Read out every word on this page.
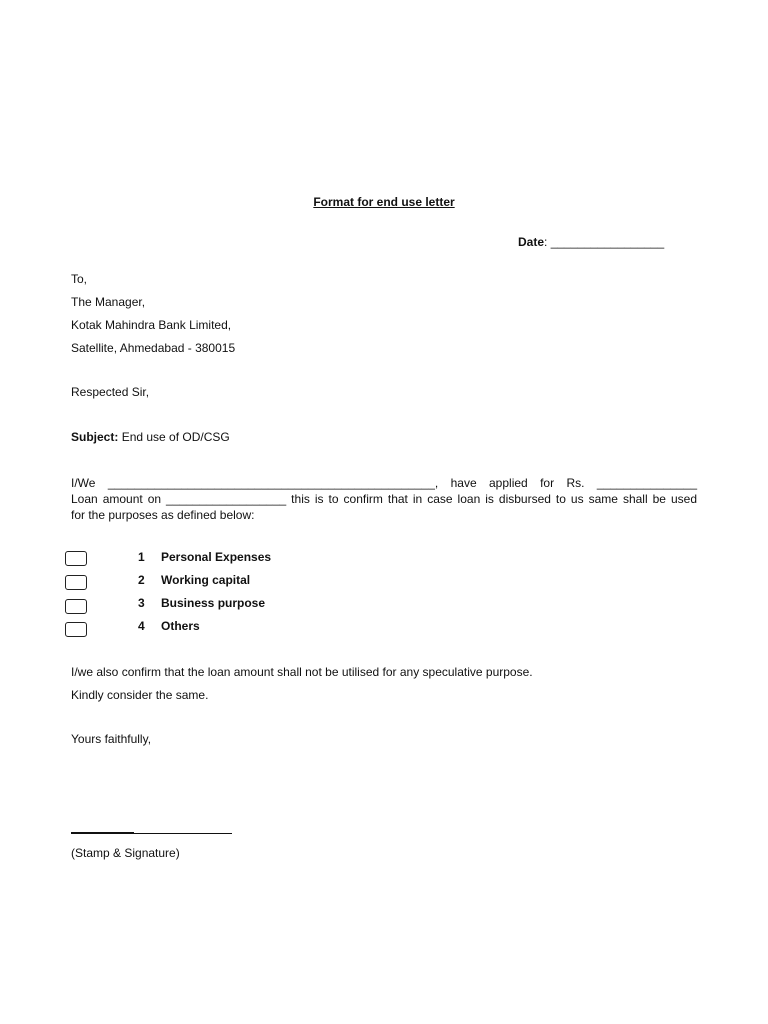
Format for end use letter
Date: _________________
To,
The Manager,
Kotak Mahindra Bank Limited,
Satellite, Ahmedabad - 380015
Respected Sir,
Subject: End use of OD/CSG
I/We _________________________________________________, have applied for Rs. _______________
Loan amount on __________________ this is to confirm that in case loan is disbursed to us same shall be used
for the purposes as defined below:
1 Personal Expenses
2 Working capital
3 Business purpose
4 Others
I/we also confirm that the loan amount shall not be utilised for any speculative purpose.
Kindly consider the same.
Yours faithfully,
(Stamp & Signature)
